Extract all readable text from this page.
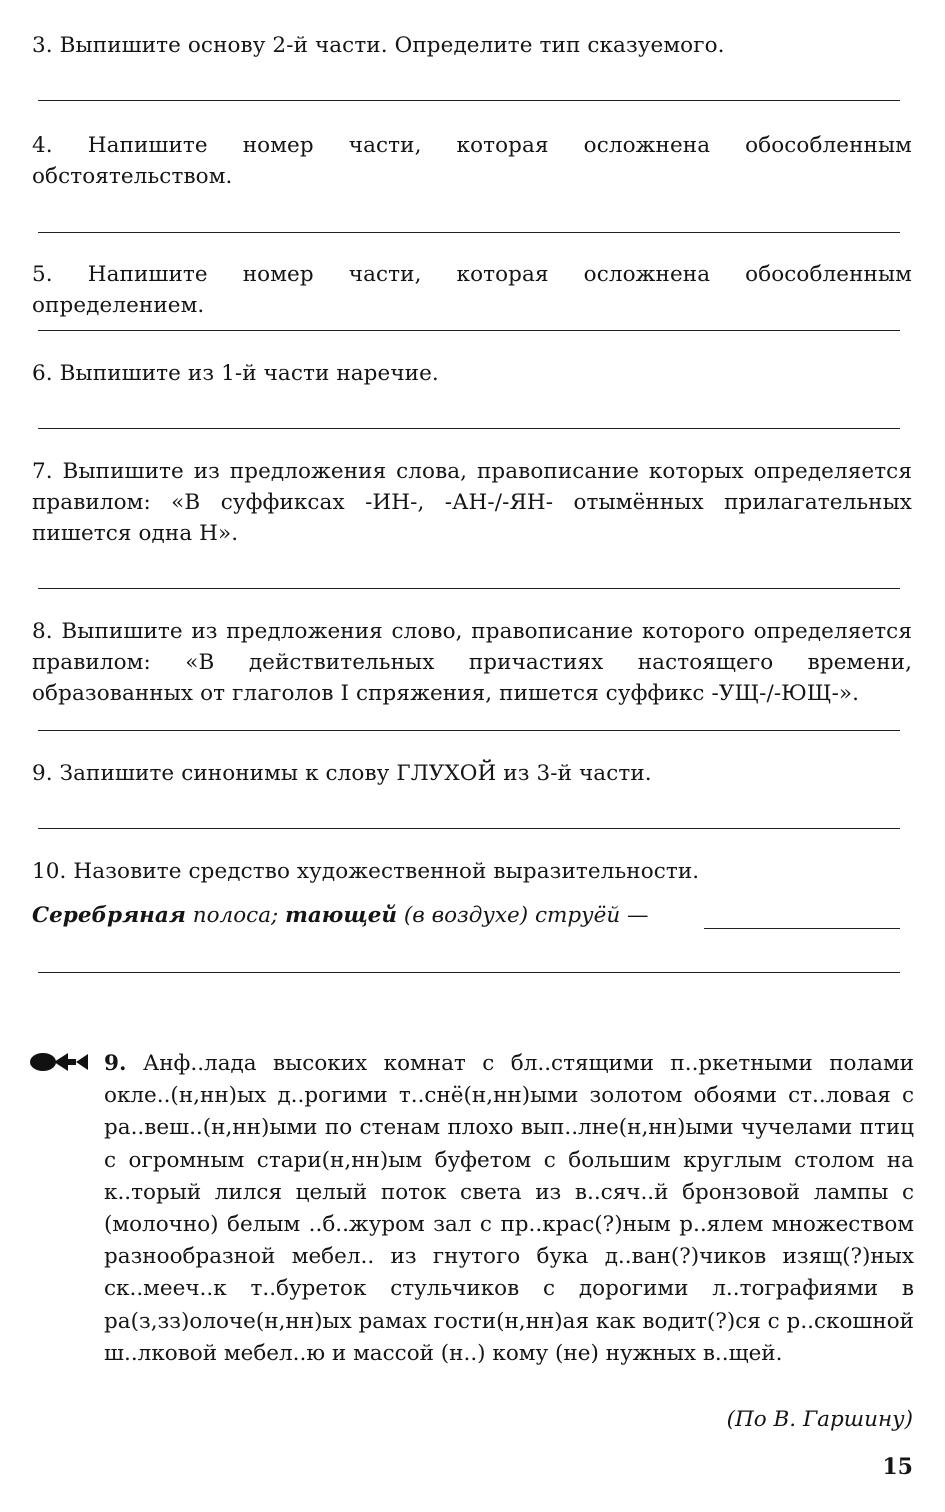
3. Выпишите основу 2-й части. Определите тип сказуемого.
4. Напишите номер части, которая осложнена обособленным обстоятельством.
5. Напишите номер части, которая осложнена обособленным определением.
6. Выпишите из 1-й части наречие.
7. Выпишите из предложения слова, правописание которых определяется правилом: «В суффиксах -ИН-, -АН-/-ЯН- отымённых прилагательных пишется одна Н».
8. Выпишите из предложения слово, правописание которого определяется правилом: «В действительных причастиях настоящего времени, образованных от глаголов I спряжения, пишется суффикс -УЩ-/-ЮЩ-».
9. Запишите синонимы к слову ГЛУХОЙ из 3-й части.
10. Назовите средство художественной выразительности.
Серебряная полоса; тающей (в воздухе) струёй —
9. Анф..лада высоких комнат с бл..стящими п..ркетными полами окле..(н,нн)ых д..рогими т..снё(н,нн)ыми золотом обоями ст..ловая с ра..веш..(н,нн)ыми по стенам плохо вып..лне(н,нн)ыми чучелами птиц с огромным стари(н,нн)ым буфетом с большим круглым столом на к..торый лился целый поток света из в..сяч..й бронзовой лампы с (молочно) белым ..б..журом зал с пр..крас(?)ным р..ялем множеством разнообразной мебел.. из гнутого бука д..ван(?)чиков изящ(?)ных ск..мееч..к т..буреток стульчиков с дорогими л..тографиями в ра(з,зз)олоче(н,нн)ых рамах гости(н,нн)ая как водит(?)ся с р..скошной ш..лковой мебел..ю и массой (н..) кому (не) нужных в..щей.
(По В. Гаршину)
15
